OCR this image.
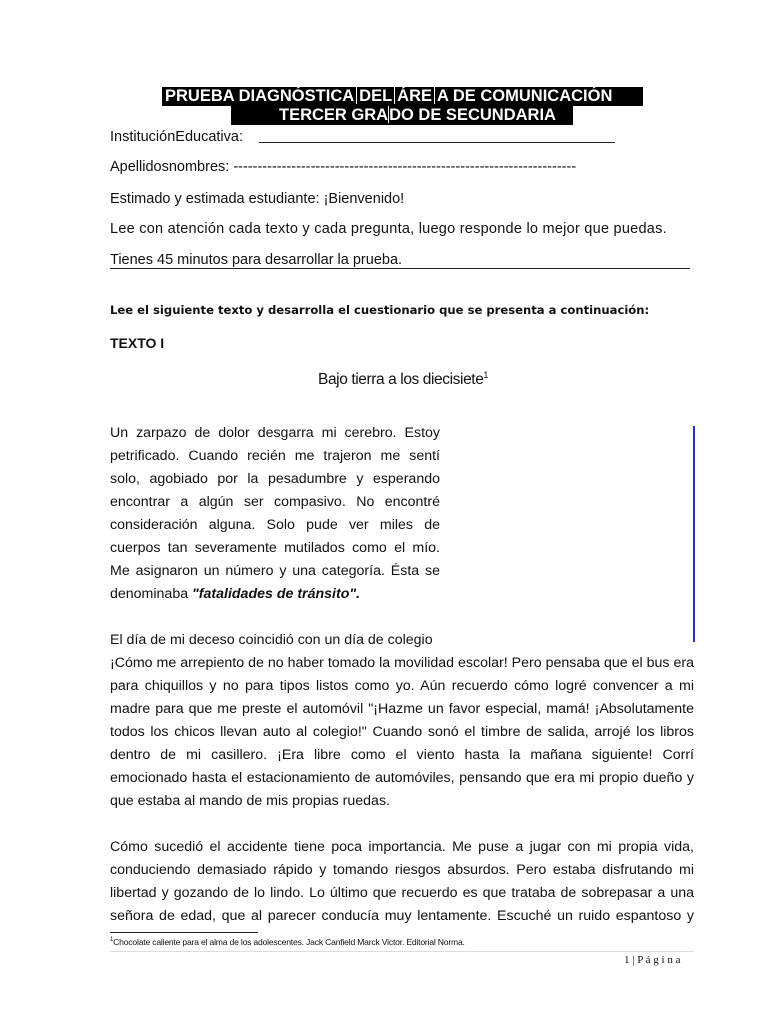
PRUEBA DIAGNÓSTICA DEL ÁRE A DE COMUNICACIÓN
TERCER GRADO DE SECUNDARIA

InstituciónEducativa:

Apellidosnombres: -----------------------------------------------------------------------

Estimado y estimada estudiante: ¡Bienvenido!

Lee con atención cada texto y cada pregunta, luego responde lo mejor que puedas.

Tienes 45 minutos para desarrollar la prueba.

Lee el siguiente texto y desarrolla el cuestionario que se presenta a continuación:

TEXTO I

Bajo tierra a los diecisiete$^1$

Un zarpazo de dolor desgarra mi cerebro. Estoy
petrificado. Cuando recién me trajeron me sentí
solo, agobiado por la pesadumbre y esperando
encontrar a algún ser compasivo. No encontré
consideración alguna. Solo pude ver miles de
cuerpos tan severamente mutilados como el mío.
Me asignaron un número y una categoría. Ésta se
denominaba "fatalidades de tránsito".
El día de mi deceso coincidió con un día de colegio
¡Cómo me arrepiento de no haber tomado la movilidad escolar! Pero pensaba que el bus era
para chiquillos y no para tipos listos como yo. Aún recuerdo cómo logré convencer a mi
madre para que me preste el automóvil "¡Hazme un favor especial, mamá! ¡Absolutamente
todos los chicos llevan auto al colegio!" Cuando sonó el timbre de salida, arrojé los libros
dentro de mi casillero. ¡Era libre como el viento hasta la mañana siguiente! Corrí
emocionado hasta el estacionamiento de automóviles, pensando que era mi propio dueño y
que estaba al mando de mis propias ruedas.
Cómo sucedió el accidente tiene poca importancia. Me puse a jugar con mi propia vida,
conduciendo demasiado rápido y tomando riesgos absurdos. Pero estaba disfrutando mi
libertad y gozando de lo lindo. Lo último que recuerdo es que trataba de sobrepasar a una
señora de edad, que al parecer conducía muy lentamente. Escuché un ruido espantoso y

$^1$Chocolate caliente para el alma de los adolescentes. Jack Canfield Marck Victor. Editorial Norma.

1 | P á g i n a
